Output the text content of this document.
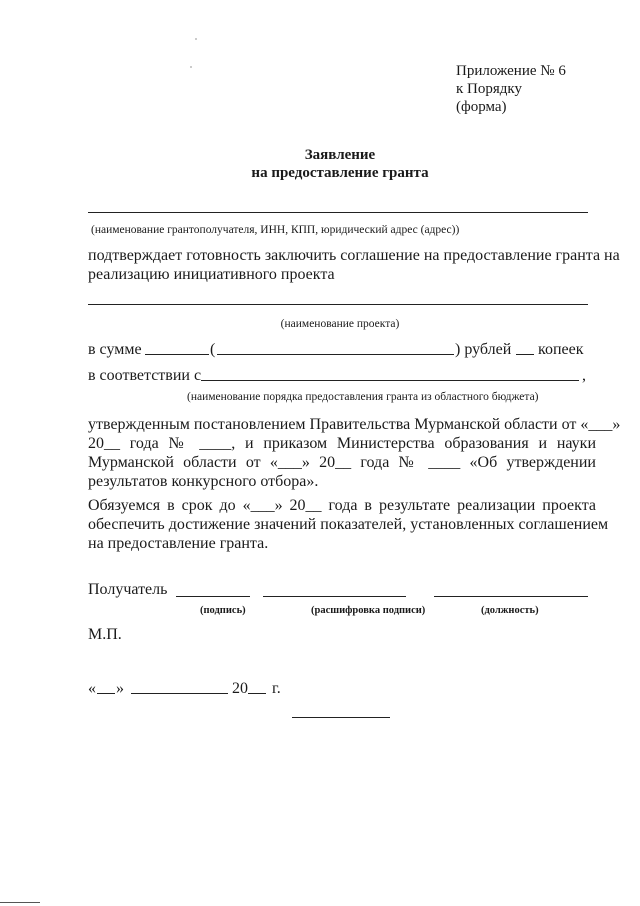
Приложение № 6
к Порядку
(форма)
Заявление
на предоставление гранта
(наименование грантополучателя, ИНН, КПП, юридический адрес (адрес))
подтверждает готовность заключить соглашение на предоставление гранта на
реализацию инициативного проекта
(наименование проекта)
в сумме	(	) рублей копеек
в соответствии с	,
(наименование порядка предоставления гранта из областного бюджета)
утвержденным постановлением Правительства Мурманской области от «___»
20__ года № ____, и приказом Министерства образования и науки
Мурманской области от «___» 20__ года № ____ «Об утверждении
результатов конкурсного отбора».
Обязуемся в срок до «___» 20__ года в результате реализации проекта
обеспечить достижение значений показателей, установленных соглашением
на предоставление гранта.
Получатель
(подпись)	(расшифровка подписи)	(должность)
М.П.
« »	20 г.
